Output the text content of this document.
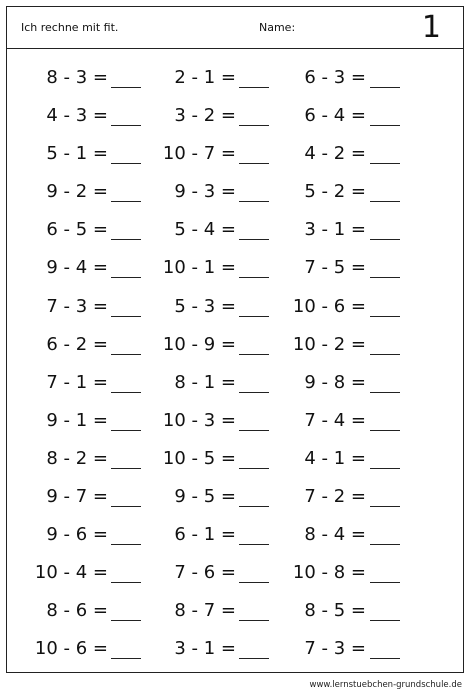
Ich rechne mit fit.	Name:	1
8 - 3 =	2 - 1 =	6 - 3 =
4 - 3 =	3 - 2 =	6 - 4 =
5 - 1 =	10 - 7 =	4 - 2 =
9 - 2 =	9 - 3 =	5 - 2 =
6 - 5 =	5 - 4 =	3 - 1 =
9 - 4 =	10 - 1 =	7 - 5 =
7 - 3 =	5 - 3 =	10 - 6 =
6 - 2 =	10 - 9 =	10 - 2 =
7 - 1 =	8 - 1 =	9 - 8 =
9 - 1 =	10 - 3 =	7 - 4 =
8 - 2 =	10 - 5 =	4 - 1 =
9 - 7 =	9 - 5 =	7 - 2 =
9 - 6 =	6 - 1 =	8 - 4 =
10 - 4 =	7 - 6 =	10 - 8 =
8 - 6 =	8 - 7 =	8 - 5 =
10 - 6 =	3 - 1 =	7 - 3 =
www.lernstuebchen-grundschule.de
